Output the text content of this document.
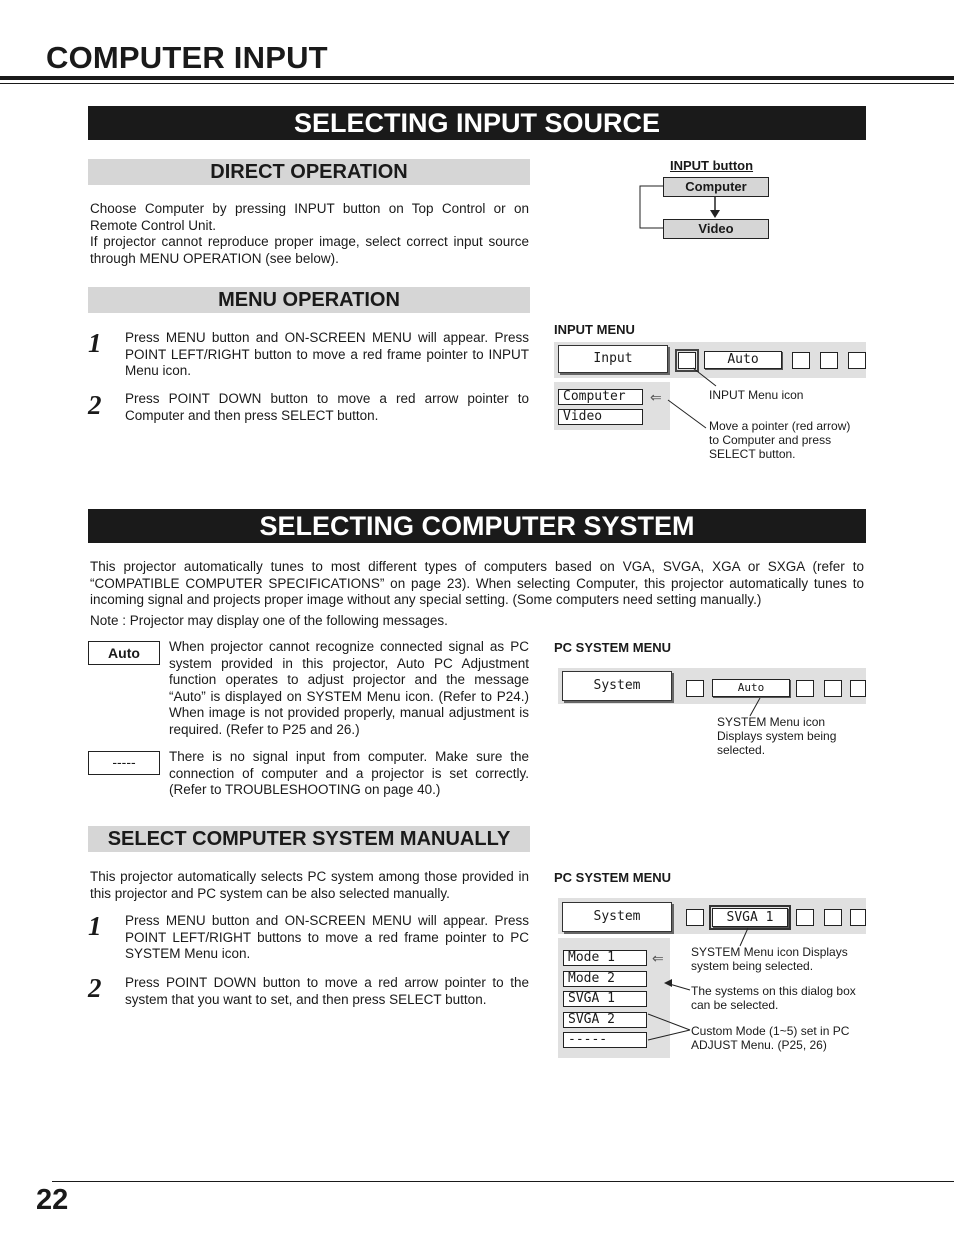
COMPUTER INPUT
SELECTING INPUT SOURCE
DIRECT OPERATION
Choose Computer by pressing INPUT button on Top Control or on Remote Control Unit.
If projector cannot reproduce proper image, select correct input source through MENU OPERATION (see below).
INPUT button
Computer
Video
MENU OPERATION
1 Press MENU button and ON-SCREEN MENU will appear. Press POINT LEFT/RIGHT button to move a red frame pointer to INPUT Menu icon.
2 Press POINT DOWN button to move a red arrow pointer to Computer and then press SELECT button.
INPUT MENU
Input	Auto
Computer
Video
⇐	INPUT Menu icon
Move a pointer (red arrow) to Computer and press SELECT button.
SELECTING COMPUTER SYSTEM
This projector automatically tunes to most different types of computers based on VGA, SVGA, XGA or SXGA (refer to “COMPATIBLE COMPUTER SPECIFICATIONS” on page 23). When selecting Computer, this projector automatically tunes to incoming signal and projects proper image without any special setting. (Some computers need setting manually.)
Note : Projector may display one of the following messages.
Auto	When projector cannot recognize connected signal as PC system provided in this projector, Auto PC Adjustment function operates to adjust projector and the message “Auto” is displayed on SYSTEM Menu icon. (Refer to P24.) When image is not provided properly, manual adjustment is required. (Refer to P25 and 26.)
-----	There is no signal input from computer. Make sure the connection of computer and a projector is set correctly. (Refer to TROUBLESHOOTING on page 40.)
PC SYSTEM MENU
System	Auto
SYSTEM Menu icon Displays system being selected.
SELECT COMPUTER SYSTEM MANUALLY
This projector automatically selects PC system among those provided in this projector and PC system can be also selected manually.
1 Press MENU button and ON-SCREEN MENU will appear. Press POINT LEFT/RIGHT buttons to move a red frame pointer to PC SYSTEM Menu icon.
2 Press POINT DOWN button to move a red arrow pointer to the system that you want to set, and then press SELECT button.
PC SYSTEM MENU
System	SVGA 1
Mode 1
Mode 2
SVGA 1
SVGA 2
-----
⇐ SYSTEM Menu icon Displays system being selected.
The systems on this dialog box can be selected.
Custom Mode (1~5) set in PC ADJUST Menu. (P25, 26)
22
